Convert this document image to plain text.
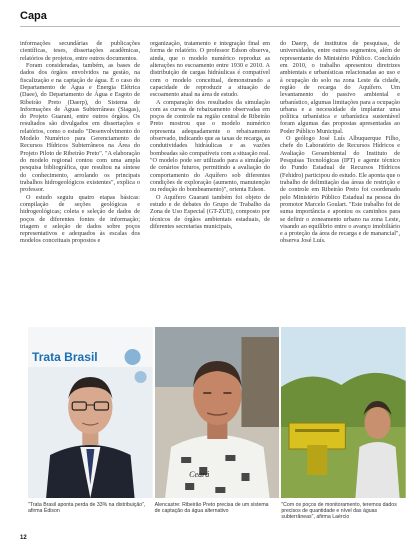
Capa

informações secundárias de publicações científicas, teses, dissertações acadêmicas, relatórios de projetos, entre outros documentos.

Foram consideradas, também, as bases de dados dos órgãos envolvidos na gestão, na fiscalização e na captação de água. É o caso do Departamento de Água e Energia Elétrica (Daee), do Departamento de Água e Esgoto de Ribeirão Preto (Daerp), do Sistema de Informações de Águas Subterrâneas (Siagas), do Projeto Guarani, entre outros órgãos. Os resultados são divulgados em dissertações e relatórios, como o estudo "Desenvolvimento do Modelo Numérico para Gerenciamento de Recursos Hídricos Subterrâneos na Área do Projeto Piloto de Ribeirão Preto". "A elaboração do modelo regional contou com uma ampla pesquisa bibliográfica, que resultou na síntese do conhecimento, arrolando os principais trabalhos hidrogeológicos existentes", explica o professor.

O estudo seguiu quatro etapas básicas: compilação de seções geológicas e hidrogeológicas; coleta e seleção de dados de poços de diferentes fontes de informação; triagem e seleção de dados sobre poços representativos e adequados às escalas dos modelos conceituais propostos e

organização, tratamento e integração final em forma de relatório. O professor Edson observa, ainda, que o modelo numérico reproduz as alterações no escoamento entre 1930 e 2010. A distribuição de cargas hidráulicas é compatível com o modelo conceitual, demonstrando a capacidade de reproduzir a situação de escoamento atual na área de estudo.

A comparação dos resultados da simulação com as curvas de rebaixamento observadas em poços de controle na região central de Ribeirão Preto mostrou que o modelo numérico representa adequadamente o rebaixamento observado, indicando que as taxas de recarga, as condutividades hidráulicas e as vazões bombeadas são compatíveis com a situação real. "O modelo pode ser utilizado para a simulação de cenários futuros, permitindo a avaliação do comportamento do Aquífero sob diferentes condições de exploração (aumento, manutenção ou redução do bombeamento)", orienta Edson.

O Aquífero Guarani também foi objeto de estudo e de debates do Grupo de Trabalho da Zona de Uso Especial (GT-ZUE), composto por técnicos de órgãos ambientais estaduais, de diferentes secretarias municipais,

do Daerp, de institutos de pesquisas, de universidades, entre outros segmentos, além de representante do Ministério Público. Concluído em 2010, o trabalho apresentou diretrizes ambientais e urbanísticas relacionadas ao uso e à ocupação do solo na zona Leste da cidade, região de recarga do Aquífero. Um levantamento do passivo ambiental e urbanístico, algumas limitações para a ocupação urbana e a necessidade de implantar uma política urbanística e urbanística sustentável foram algumas das propostas apresentadas ao Poder Público Municipal.

O geólogo José Luís Albuquerque Filho, chefe do Laboratório de Recursos Hídricos e Avaliação Geoambiental do Instituto de Pesquisas Tecnológicas (IPT) e agente técnico do Fundo Estadual de Recursos Hídricos (Fehidro) participou do estudo. Ele aponta que o trabalho de delimitação das áreas de restrição e de controle em Ribeirão Preto foi coordenado pelo Ministério Público Estadual na pessoa do promotor Marcelo Goulart. "Este trabalho foi de suma importância e apontou os caminhos para se definir o zoneamento urbano na zona Leste, visando ao equilíbrio entre o avanço imobiliário e a proteção da área de recarga e de manancial", observa José Luís.

Trata Brasil
Ceará
"Trata Brasil aponta perda de 33% na distribuição", afirma Édison
Alencastre: Ribeirão Preto precisa de um sistema de captação da água alternativo
"Com os poços de monitoramento, teremos dados precisos de quantidade e nível das águas subterrâneas", afirma Laércio
12
